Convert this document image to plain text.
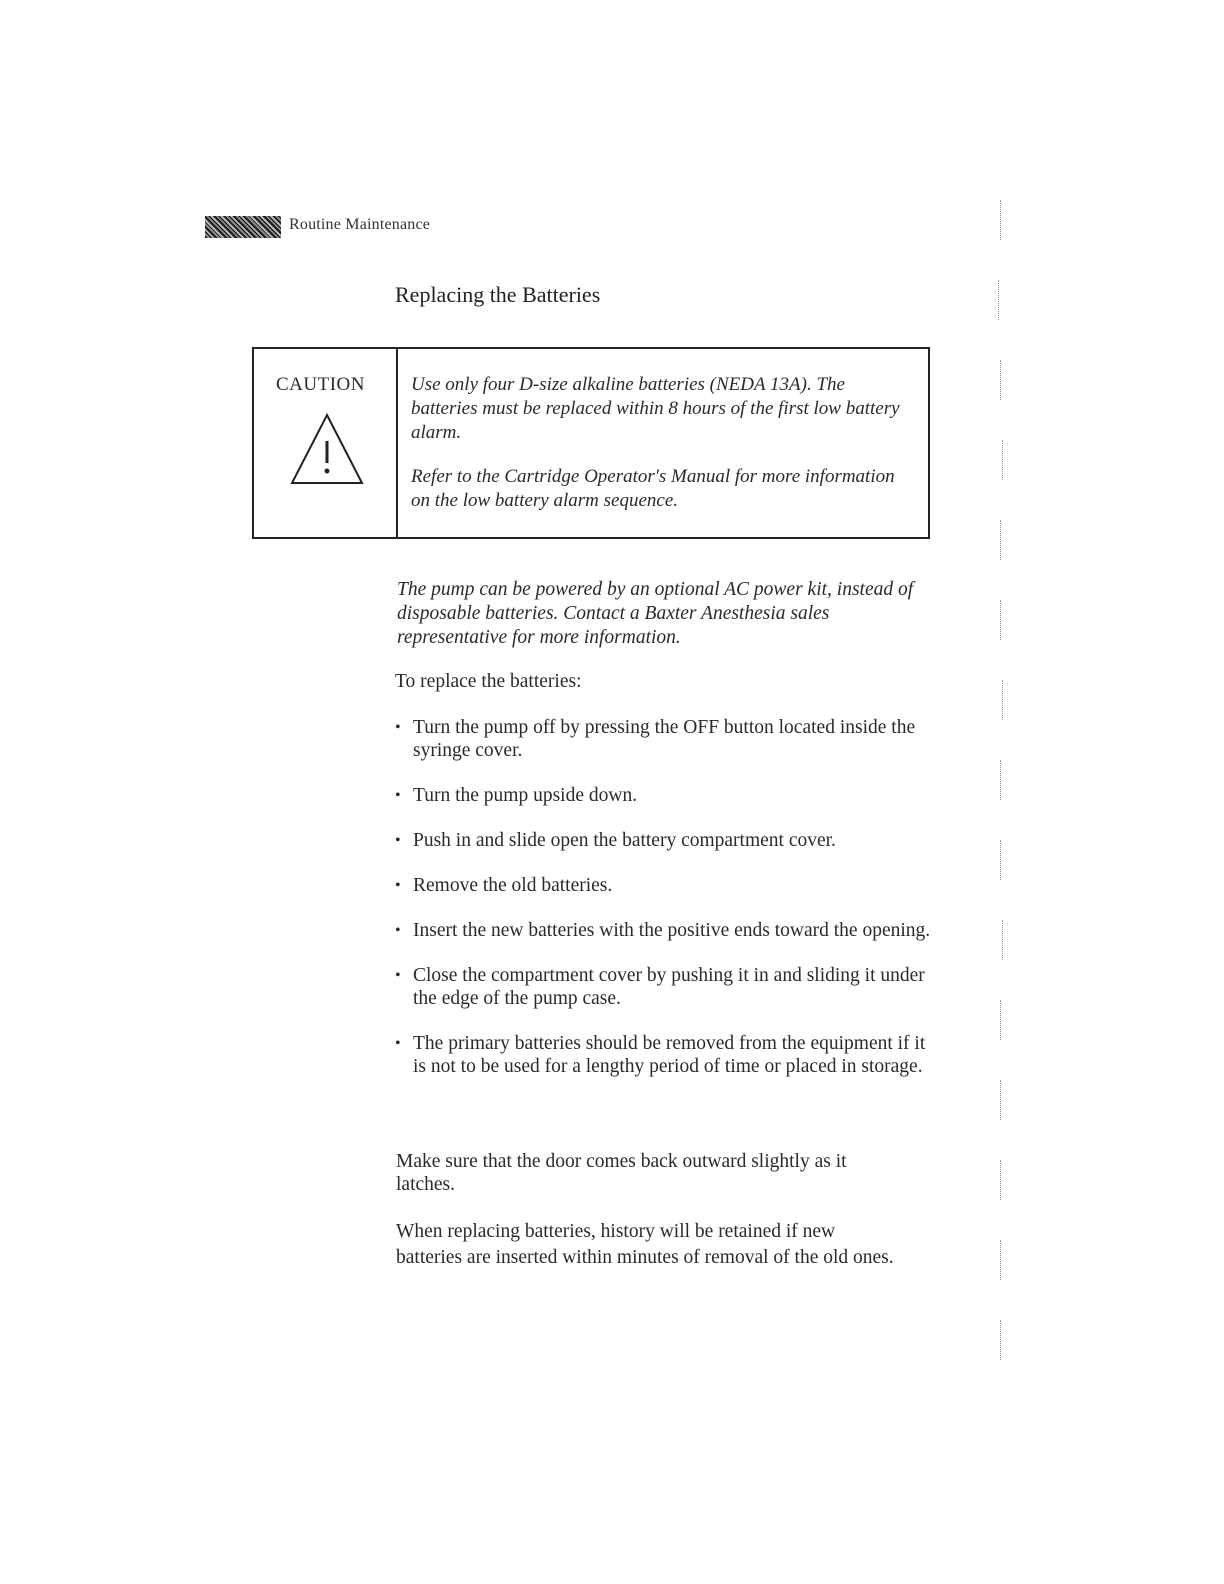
Routine Maintenance
Replacing the Batteries
CAUTION Use only four D-size alkaline batteries (NEDA 13A). The batteries must be replaced within 8 hours of the first low battery alarm.

Refer to the Cartridge Operator's Manual for more information on the low battery alarm sequence.

The pump can be powered by an optional AC power kit, instead of disposable batteries. Contact a Baxter Anesthesia sales representative for more information.
To replace the batteries:
• Turn the pump off by pressing the OFF button located inside the syringe cover.
• Turn the pump upside down.
• Push in and slide open the battery compartment cover.
• Remove the old batteries.
• Insert the new batteries with the positive ends toward the opening.
• Close the compartment cover by pushing it in and sliding it under the edge of the pump case.
• The primary batteries should be removed from the equipment if it is not to be used for a lengthy period of time or placed in storage.
Make sure that the door comes back outward slightly as it latches.
When replacing batteries, history will be retained if new batteries are inserted within minutes of removal of the old ones.
